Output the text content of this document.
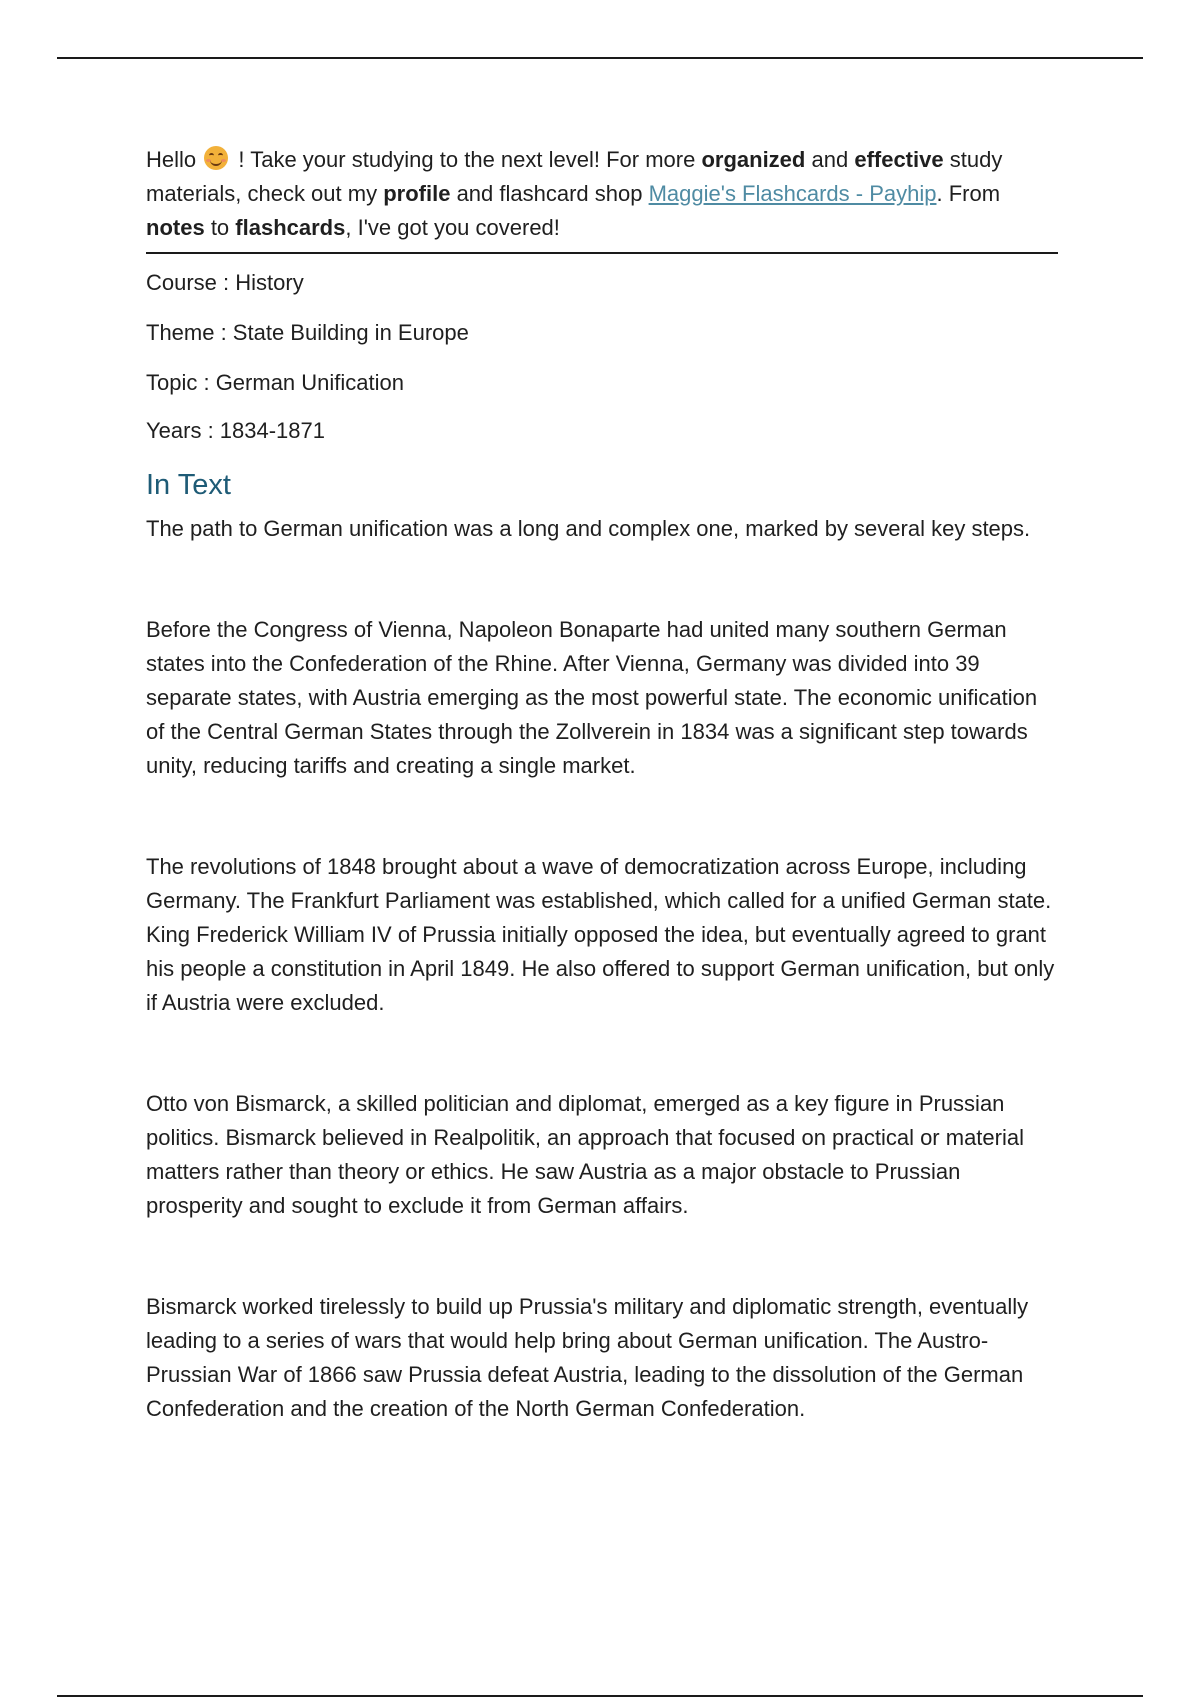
Hello ! Take your studying to the next level! For more organized and effective study materials, check out my profile and flashcard shop Maggie's Flashcards - Payhip. From notes to flashcards, I've got you covered!

Course : History

Theme : State Building in Europe

Topic : German Unification

Years : 1834-1871

In Text

The path to German unification was a long and complex one, marked by several key steps.

Before the Congress of Vienna, Napoleon Bonaparte had united many southern German states into the Confederation of the Rhine. After Vienna, Germany was divided into 39 separate states, with Austria emerging as the most powerful state. The economic unification of the Central German States through the Zollverein in 1834 was a significant step towards unity, reducing tariffs and creating a single market.

The revolutions of 1848 brought about a wave of democratization across Europe, including Germany. The Frankfurt Parliament was established, which called for a unified German state. King Frederick William IV of Prussia initially opposed the idea, but eventually agreed to grant his people a constitution in April 1849. He also offered to support German unification, but only if Austria were excluded.

Otto von Bismarck, a skilled politician and diplomat, emerged as a key figure in Prussian politics. Bismarck believed in Realpolitik, an approach that focused on practical or material matters rather than theory or ethics. He saw Austria as a major obstacle to Prussian prosperity and sought to exclude it from German affairs.

Bismarck worked tirelessly to build up Prussia's military and diplomatic strength, eventually leading to a series of wars that would help bring about German unification. The Austro-Prussian War of 1866 saw Prussia defeat Austria, leading to the dissolution of the German Confederation and the creation of the North German Confederation.
